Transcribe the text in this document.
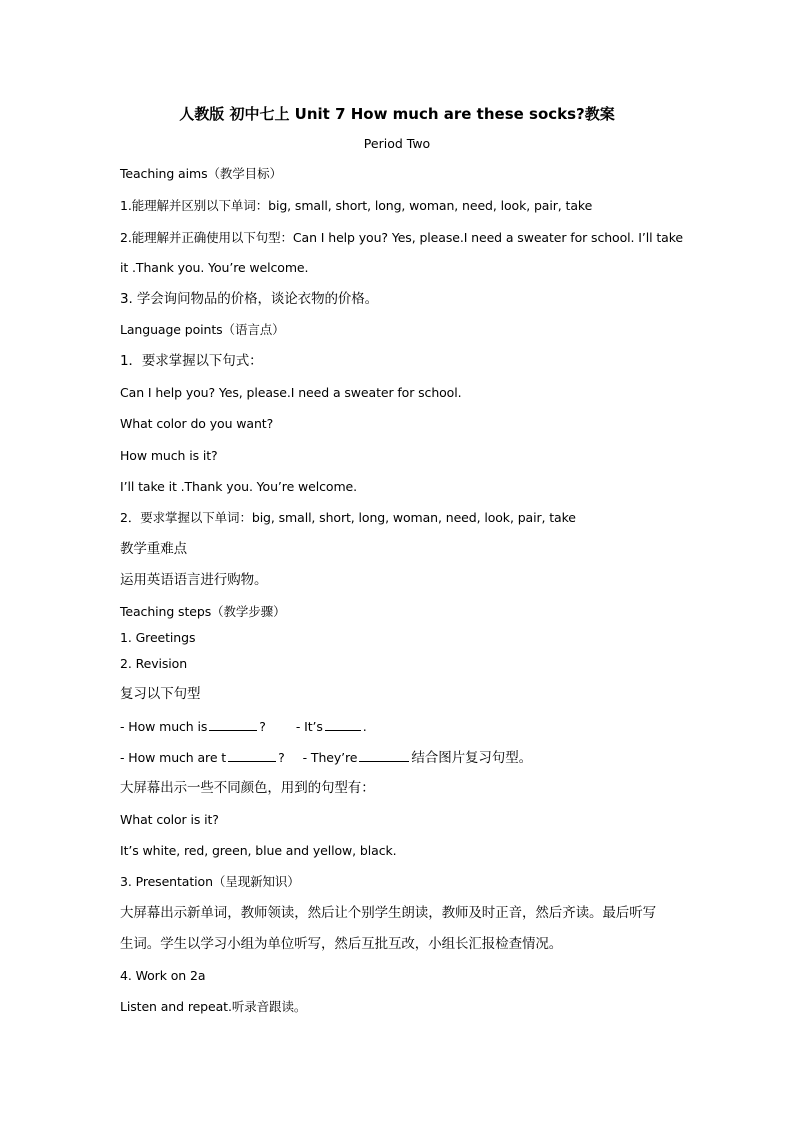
人教版 初中七上 Unit 7 How much are these socks?教案
Period Two
Teaching aims（教学目标）
1.能理解并区别以下单词：big, small, short, long, woman, need, look, pair, take
2.能理解并正确使用以下句型：Can I help you? Yes, please.I need a sweater for school. I’ll take
it .Thank you. You’re welcome.
3. 学会询问物品的价格，谈论衣物的价格。
Language points（语言点）
1．要求掌握以下句式：
Can I help you? Yes, please.I need a sweater for school.
What color do you want?
How much is it?
I’ll take it .Thank you. You’re welcome.
2．要求掌握以下单词：big, small, short, long, woman, need, look, pair, take
教学重难点
运用英语语言进行购物。
Teaching steps（教学步骤）
1. Greetings
2. Revision
复习以下句型
- How much is	? - It’s	.
- How much are t	? - They’re	结合图片复习句型。
大屏幕出示一些不同颜色，用到的句型有：
What color is it?
It’s white, red, green, blue and yellow, black.
3. Presentation（呈现新知识）
大屏幕出示新单词，教师领读，然后让个别学生朗读，教师及时正音，然后齐读。最后听写
生词。学生以学习小组为单位听写，然后互批互改，小组长汇报检查情况。
4. Work on 2a
Listen and repeat.听录音跟读。
